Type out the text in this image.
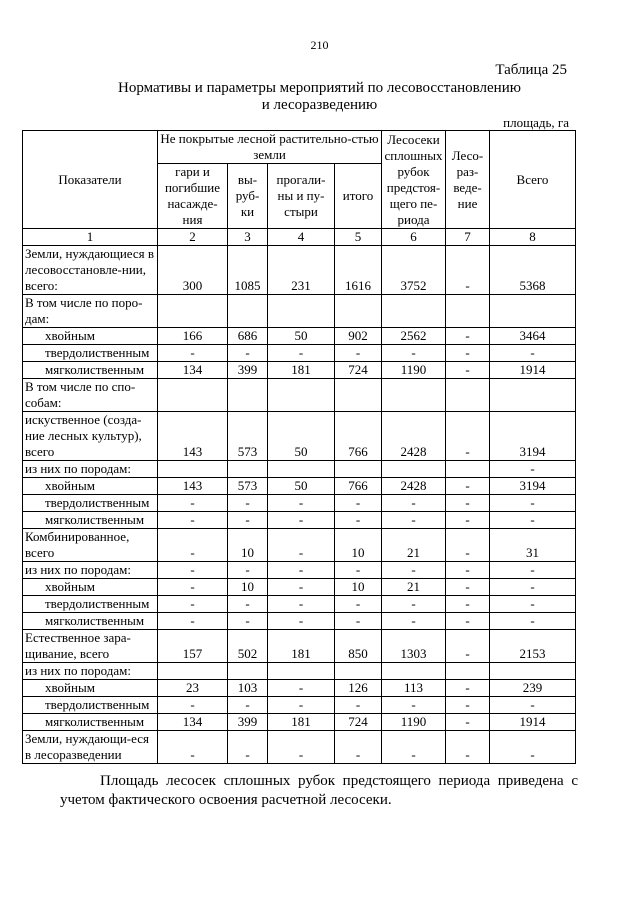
210
Таблица 25
Нормативы и параметры мероприятий по лесовосстановлению
и лесоразведению
площадь, га
Показатели	Не покрытые лесной растительно-стью земли				Лесосеки сплошных рубок предстоя-щего пе-риода	Лесо-раз-веде-ние	Всего
	гари и погибшие насажде-ния	вы-руб-ки	прогали-ны и пу-стыри	итого			
1	2	3	4	5	6	7	8
Земли, нуждающиеся в лесовосстановле-нии, всего:	300	1085	231	1616	3752	-	5368
В том числе по поро-дам:							
хвойным	166	686	50	902	2562	-	3464
твердолиственным	-	-	-	-	-	-	-
мягколиственным	134	399	181	724	1190	-	1914
В том числе по спо-собам:							
искуственное (созда-ние лесных культур), всего	143	573	50	766	2428	-	3194
из них по породам:							-
хвойным	143	573	50	766	2428	-	3194
твердолиственным	-	-	-	-	-	-	-
мягколиственным	-	-	-	-	-	-	-
Комбинированное, всего	-	10	-	10	21	-	31
из них по породам:	-	-	-	-	-	-	-
хвойным	-	10	-	10	21	-	-
твердолиственным	-	-	-	-	-	-	-
мягколиственным	-	-	-	-	-	-	-
Естественное зара-щивание, всего	157	502	181	850	1303	-	2153
из них по породам:							
хвойным	23	103	-	126	113	-	239
твердолиственным	-	-	-	-	-	-	-
мягколиственным	134	399	181	724	1190	-	1914
Земли, нуждающи-еся в лесоразведении	-	-	-	-	-	-	-
Площадь лесосек сплошных рубок предстоящего периода приведена с учетом фактического освоения расчетной лесосеки.
